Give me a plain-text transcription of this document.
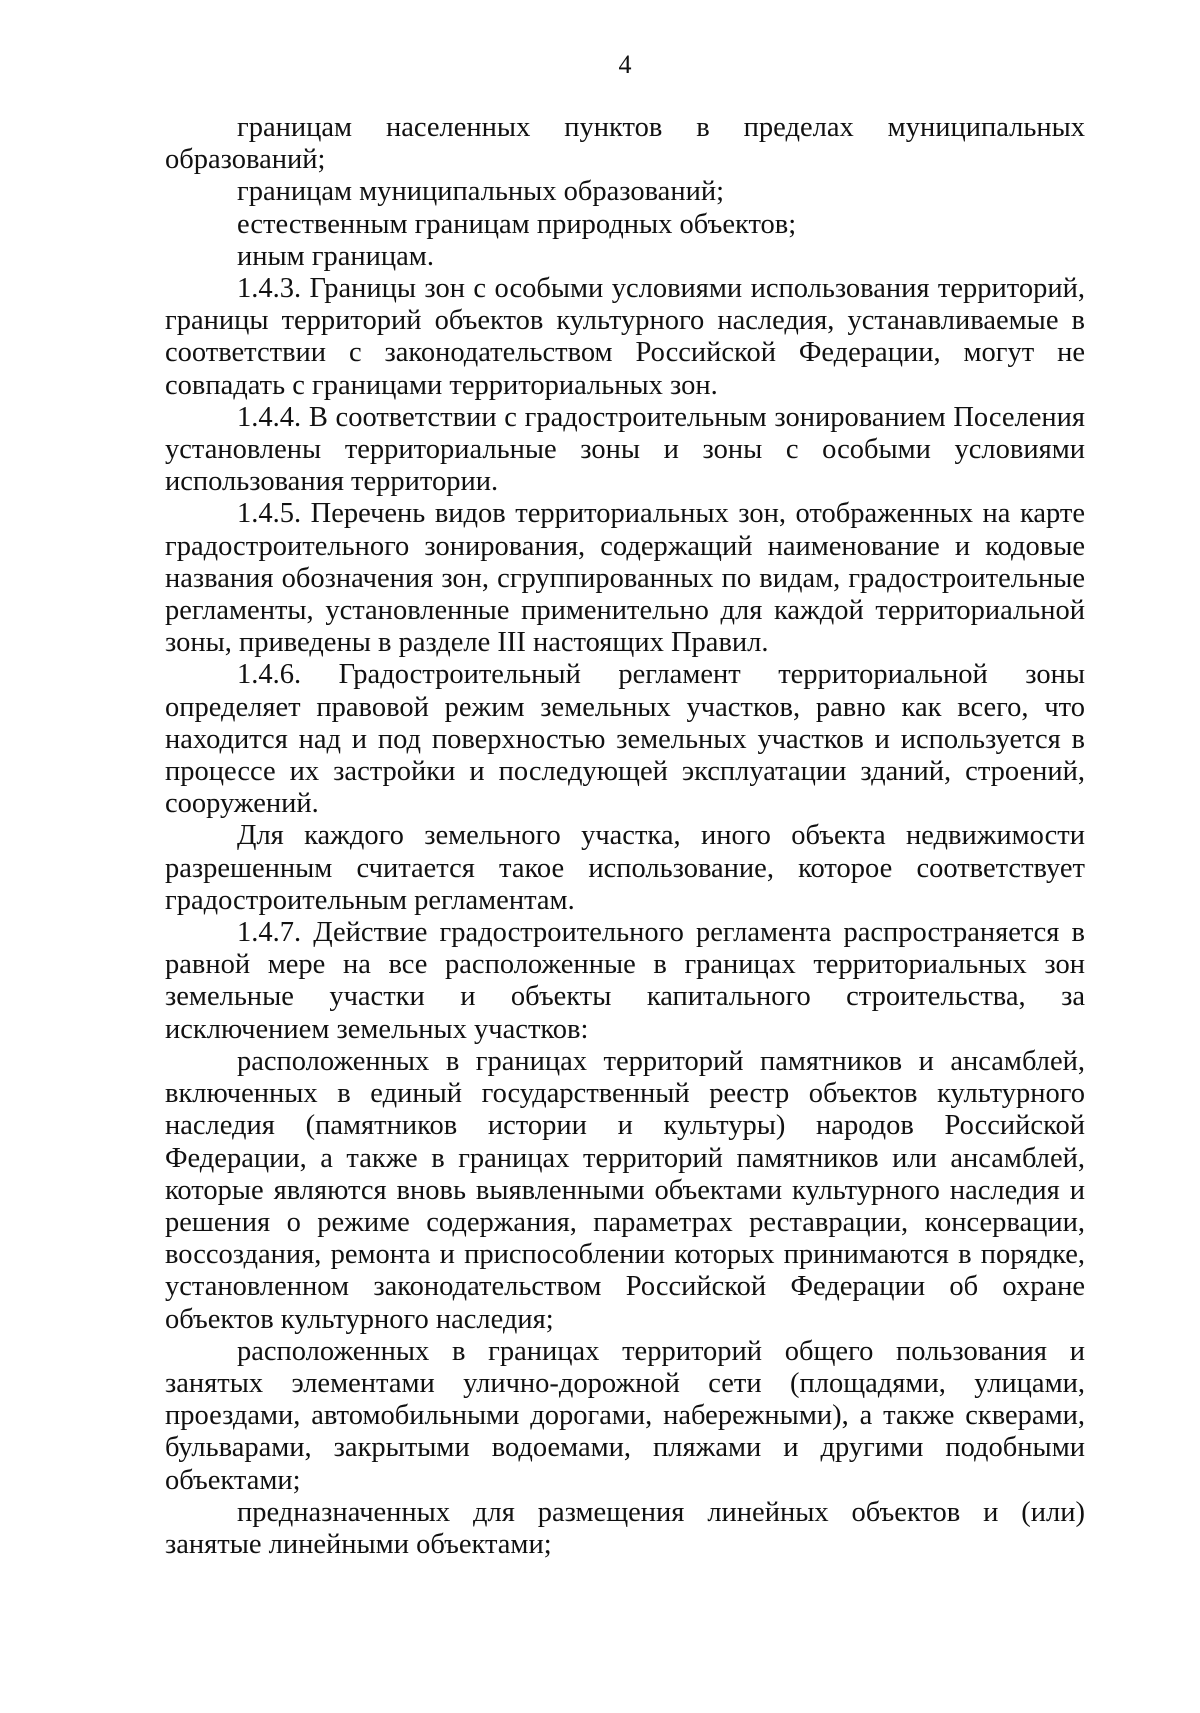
4
границам населенных пунктов в пределах муниципальных
образований;
границам муниципальных образований;
естественным границам природных объектов;
иным границам.
1.4.3. Границы зон с особыми условиями использования территорий,
границы территорий объектов культурного наследия, устанавливаемые в
соответствии с законодательством Российской Федерации, могут не
совпадать с границами территориальных зон.
1.4.4. В соответствии с градостроительным зонированием Поселения
установлены территориальные зоны и зоны с особыми условиями
использования территории.
1.4.5. Перечень видов территориальных зон, отображенных на карте
градостроительного зонирования, содержащий наименование и кодовые
названия обозначения зон, сгруппированных по видам, градостроительные
регламенты, установленные применительно для каждой территориальной
зоны, приведены в разделе III настоящих Правил.
1.4.6. Градостроительный регламент территориальной зоны
определяет правовой режим земельных участков, равно как всего, что
находится над и под поверхностью земельных участков и используется в
процессе их застройки и последующей эксплуатации зданий, строений,
сооружений.
Для каждого земельного участка, иного объекта недвижимости
разрешенным считается такое использование, которое соответствует
градостроительным регламентам.
1.4.7. Действие градостроительного регламента распространяется в
равной мере на все расположенные в границах территориальных зон
земельные участки и объекты капитального строительства, за
исключением земельных участков:
расположенных в границах территорий памятников и ансамблей,
включенных в единый государственный реестр объектов культурного
наследия (памятников истории и культуры) народов Российской
Федерации, а также в границах территорий памятников или ансамблей,
которые являются вновь выявленными объектами культурного наследия и
решения о режиме содержания, параметрах реставрации, консервации,
воссоздания, ремонта и приспособлении которых принимаются в порядке,
установленном законодательством Российской Федерации об охране
объектов культурного наследия;
расположенных в границах территорий общего пользования и
занятых элементами улично-дорожной сети (площадями, улицами,
проездами, автомобильными дорогами, набережными), а также скверами,
бульварами, закрытыми водоемами, пляжами и другими подобными
объектами;
предназначенных для размещения линейных объектов и (или)
занятые линейными объектами;
